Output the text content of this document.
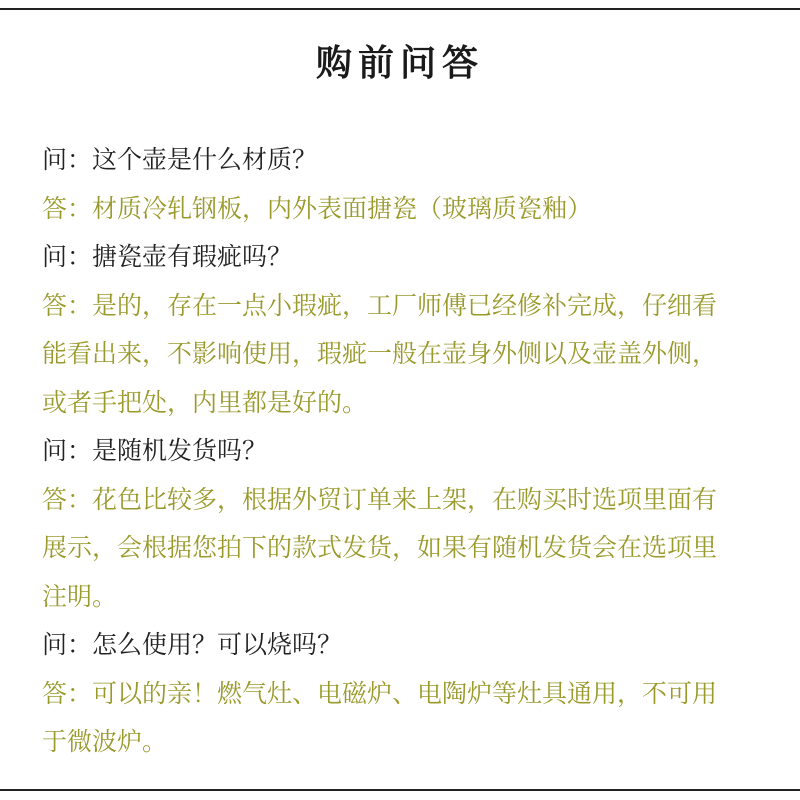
购前问答

问：这个壶是什么材质？

答：材质冷轧钢板，内外表面搪瓷（玻璃质瓷釉）

问：搪瓷壶有瑕疵吗？

答：是的，存在一点小瑕疵，工厂师傅已经修补完成，仔细看

能看出来，不影响使用，瑕疵一般在壶身外侧以及壶盖外侧，

或者手把处，内里都是好的。

问：是随机发货吗？

答：花色比较多，根据外贸订单来上架，在购买时选项里面有

展示，会根据您拍下的款式发货，如果有随机发货会在选项里

注明。

问：怎么使用？可以烧吗？

答：可以的亲！燃气灶、电磁炉、电陶炉等灶具通用，不可用

于微波炉。
